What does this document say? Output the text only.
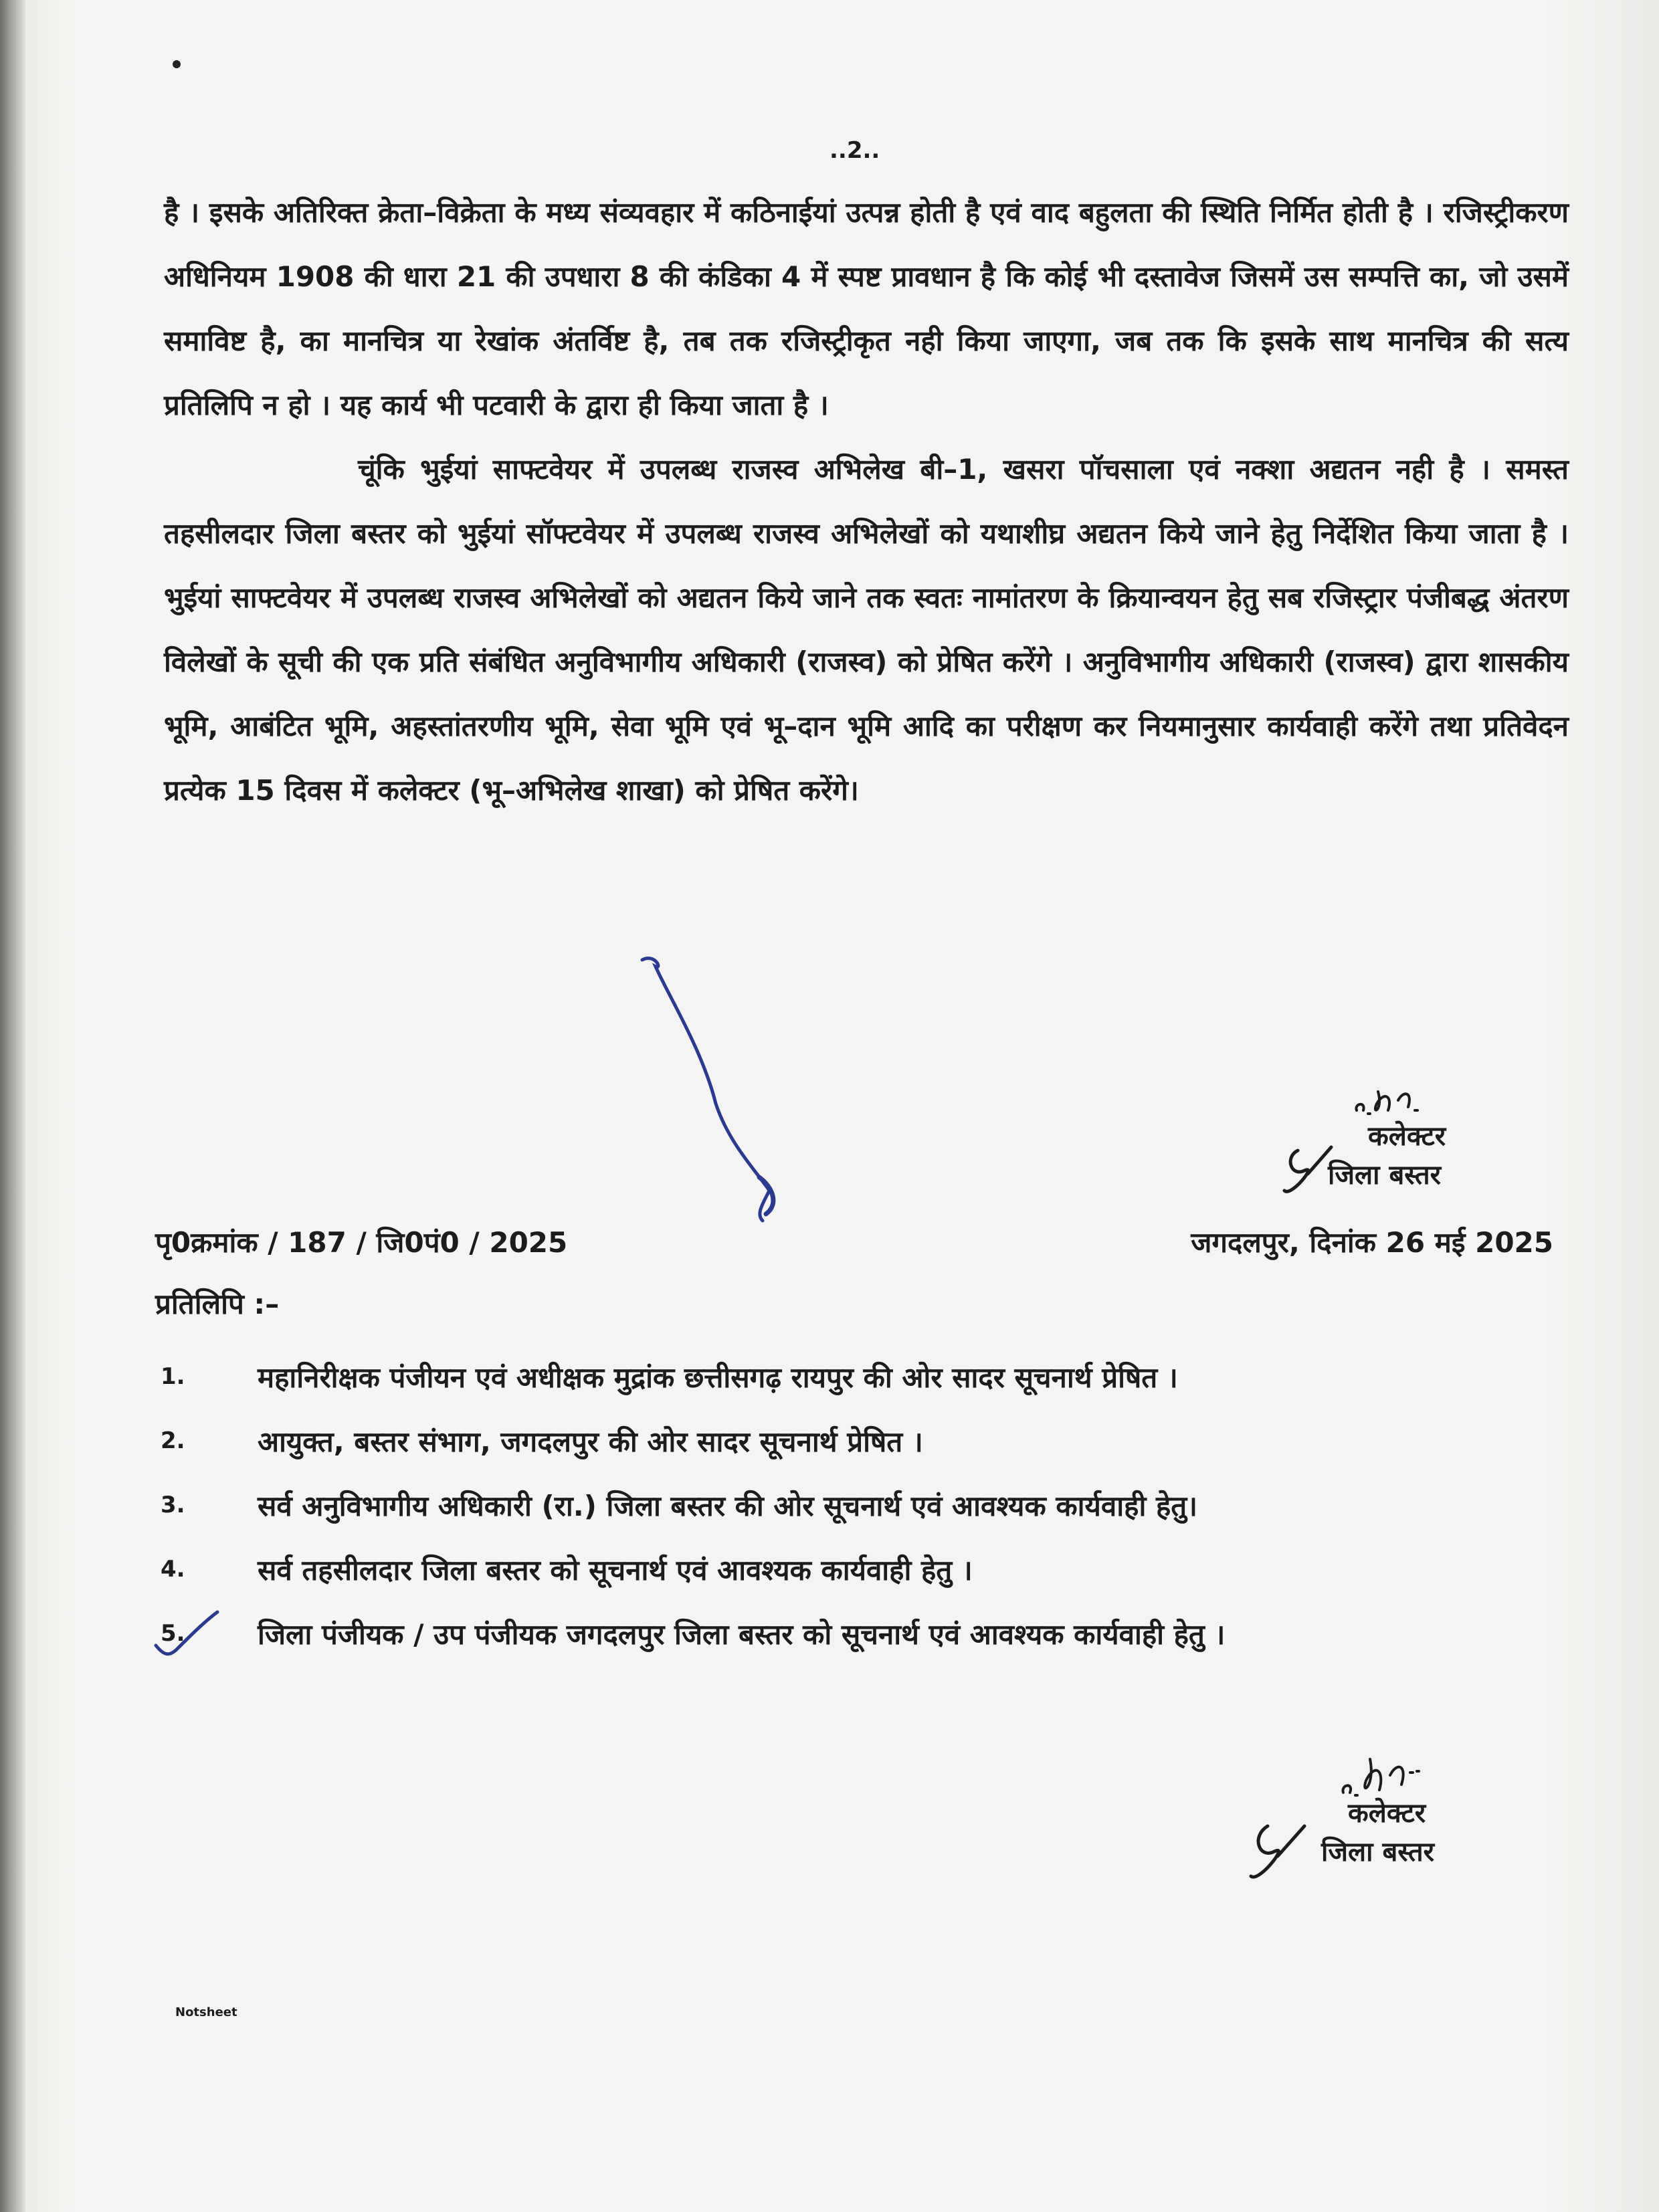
..2..

है । इसके अतिरिक्त क्रेता–विक्रेता के मध्य संव्यवहार में कठिनाईयां उत्पन्न होती है एवं वाद बहुलता की स्थिति निर्मित होती है । रजिस्ट्रीकरण अधिनियम 1908 की धारा 21 की उपधारा 8 की कंडिका 4 में स्पष्ट प्रावधान है कि कोई भी दस्तावेज जिसमें उस सम्पत्ति का, जो उसमें समाविष्ट है, का मानचित्र या रेखांक अंतर्विष्ट है, तब तक रजिस्ट्रीकृत नही किया जाएगा, जब तक कि इसके साथ मानचित्र की सत्य प्रतिलिपि न हो । यह कार्य भी पटवारी के द्वारा ही किया जाता है ।

चूंकि भुईयां साफ्टवेयर में उपलब्ध राजस्व अभिलेख बी–1, खसरा पॉचसाला एवं नक्शा अद्यतन नही है । समस्त तहसीलदार जिला बस्तर को भुईयां सॉफ्टवेयर में उपलब्ध राजस्व अभिलेखों को यथाशीघ्र अद्यतन किये जाने हेतु निर्देशित किया जाता है । भुईयां साफ्टवेयर में उपलब्ध राजस्व अभिलेखों को अद्यतन किये जाने तक स्वतः नामांतरण के क्रियान्वयन हेतु सब रजिस्ट्रार पंजीबद्ध अंतरण विलेखों के सूची की एक प्रति संबंधित अनुविभागीय अधिकारी (राजस्व) को प्रेषित करेंगे । अनुविभागीय अधिकारी (राजस्व) द्वारा शासकीय भूमि, आबंटित भूमि, अहस्तांतरणीय भूमि, सेवा भूमि एवं भू–दान भूमि आदि का परीक्षण कर नियमानुसार कार्यवाही करेंगे तथा प्रतिवेदन प्रत्येक 15 दिवस में कलेक्टर (भू–अभिलेख शाखा) को प्रेषित करेंगे।

कलेक्टर
जिला बस्तर
पृ0क्रमांक / 187 / जि0पं0 / 2025	जगदलपुर, दिनांक 26 मई 2025
प्रतिलिपि :–
1.	महानिरीक्षक पंजीयन एवं अधीक्षक मुद्रांक छत्तीसगढ़ रायपुर की ओर सादर सूचनार्थ प्रेषित ।
2.	आयुक्त, बस्तर संभाग, जगदलपुर की ओर सादर सूचनार्थ प्रेषित ।
3.	सर्व अनुविभागीय अधिकारी (रा.) जिला बस्तर की ओर सूचनार्थ एवं आवश्यक कार्यवाही हेतु।
4.	सर्व तहसीलदार जिला बस्तर को सूचनार्थ एवं आवश्यक कार्यवाही हेतु ।
5.	जिला पंजीयक / उप पंजीयक जगदलपुर जिला बस्तर को सूचनार्थ एवं आवश्यक कार्यवाही हेतु ।
कलेक्टर
जिला बस्तर
Notsheet
